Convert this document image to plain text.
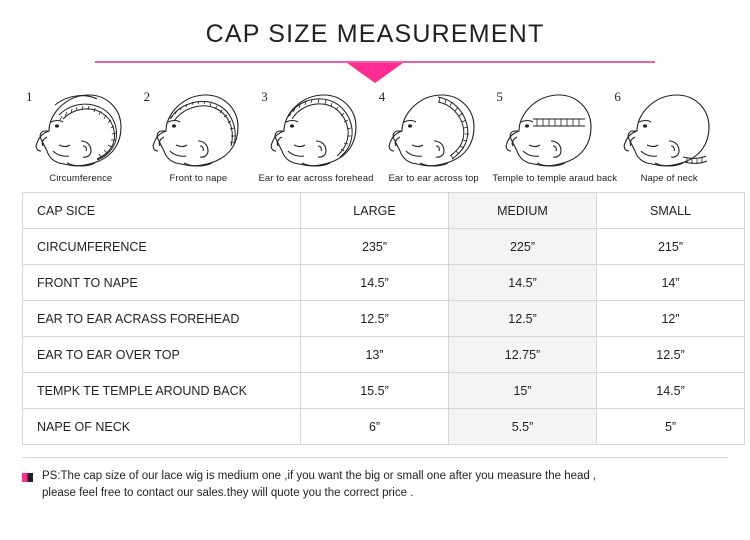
CAP SIZE MEASUREMENT
1
Circumference
2
Front to nape
3
Ear to ear across forehead
4
Ear to ear across top
5
Temple to temple araud back
6
Nape of neck
CAP SICE	LARGE	MEDIUM	SMALL
CIRCUMFERENCE	235”	225”	215”
FRONT TO NAPE	14.5”	14.5”	14”
EAR TO EAR ACRASS FOREHEAD	12.5”	12.5”	12”
EAR TO EAR OVER TOP	13”	12.75”	12.5”
TEMPK TE TEMPLE AROUND BACK	15.5”	15”	14.5”
NAPE OF NECK	6”	5.5”	5”
PS:The cap size of our lace wig is medium one ,if you want the big or small one after you measure the head ,
please feel free to contact our sales.they will quote you the correct price .
